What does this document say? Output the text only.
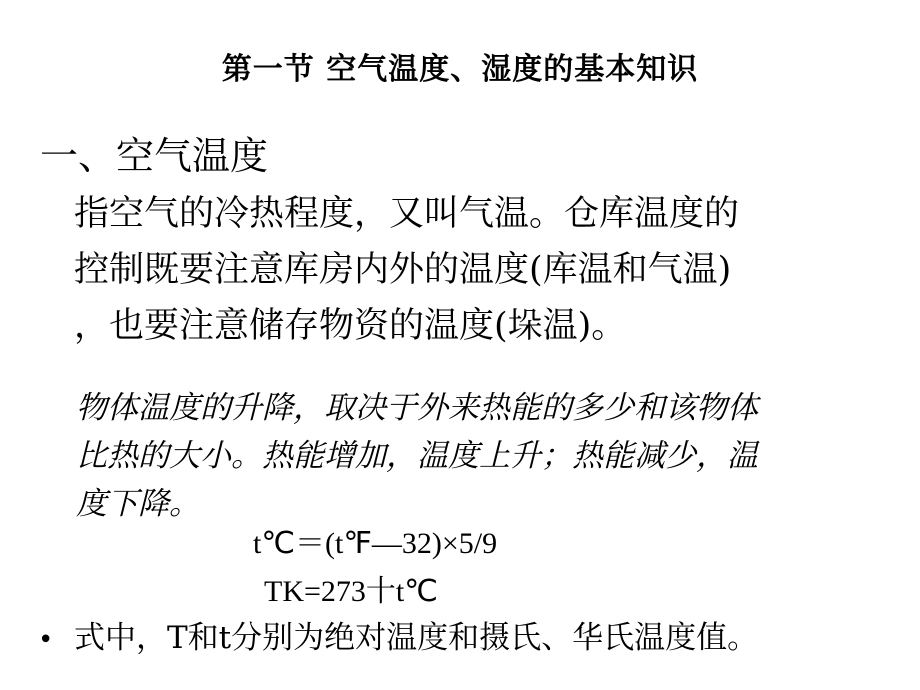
第一节 空气温度、湿度的基本知识
一、空气温度
指空气的冷热程度，又叫气温。仓库温度的
控制既要注意库房内外的温度(库温和气温)
，也要注意储存物资的温度(垛温)。
物体温度的升降，取决于外来热能的多少和该物体
比热的大小。热能增加，温度上升；热能减少，温
度下降。
t℃＝(t℉—32)×5/9
TK=273十t℃
• 式中，T和t分别为绝对温度和摄氏、华氏温度值。
